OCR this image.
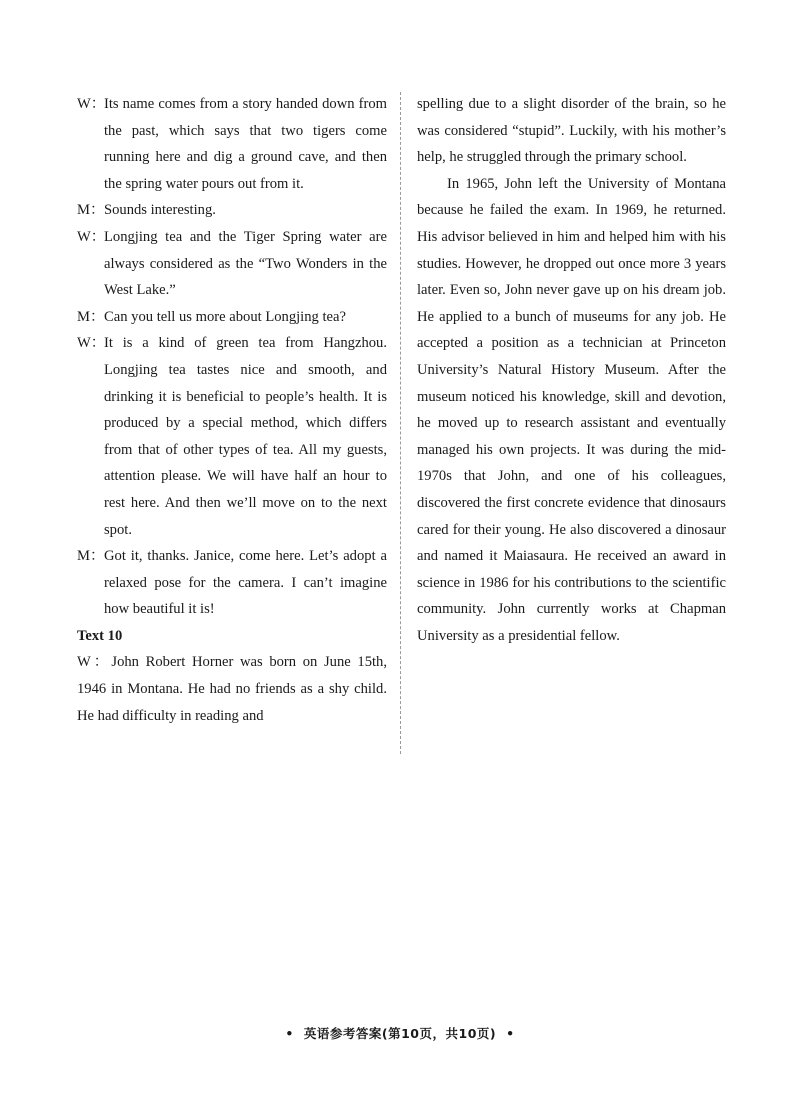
W：
Its name comes from a story handed down from the past, which says that two tigers come running here and dig a ground cave, and then the spring water pours out from it.

M： Sounds interesting.

W：
Longjing tea and the Tiger Spring water are always considered as the “Two Wonders in the West Lake.”

M： Can you tell us more about Longjing tea?

W：
It is a kind of green tea from Hangzhou. Longjing tea tastes nice and smooth, and drinking it is beneficial to people’s health. It is produced by a special method, which differs from that of other types of tea. All my guests, attention please. We will have half an hour to rest here. And then we’ll move on to the next spot.

M： Got it, thanks. Janice, come here. Let’s adopt a relaxed pose for the camera. I can’t imagine how beautiful it is!

Text 10

W：John Robert Horner was born on June 15th, 1946 in Montana. He had no friends as a shy child. He had difficulty in reading and

spelling due to a slight disorder of the brain, so he was considered “stupid”. Luckily, with his mother’s help, he struggled through the primary school.

In 1965, John left the University of Montana because he failed the exam. In 1969, he returned. His advisor believed in him and helped him with his studies. However, he dropped out once more 3 years later. Even so, John never gave up on his dream job. He applied to a bunch of museums for any job. He accepted a position as a technician at Princeton University’s Natural History Museum. After the museum noticed his knowledge, skill and devotion, he moved up to research assistant and eventually managed his own projects. It was during the mid-1970s that John, and one of his colleagues, discovered the first concrete evidence that dinosaurs cared for their young. He also discovered a dinosaur and named it Maiasaura. He received an award in science in 1986 for his contributions to the scientific community. John currently works at Chapman University as a presidential fellow.

• 英语参考答案(第10页，共10页) •
